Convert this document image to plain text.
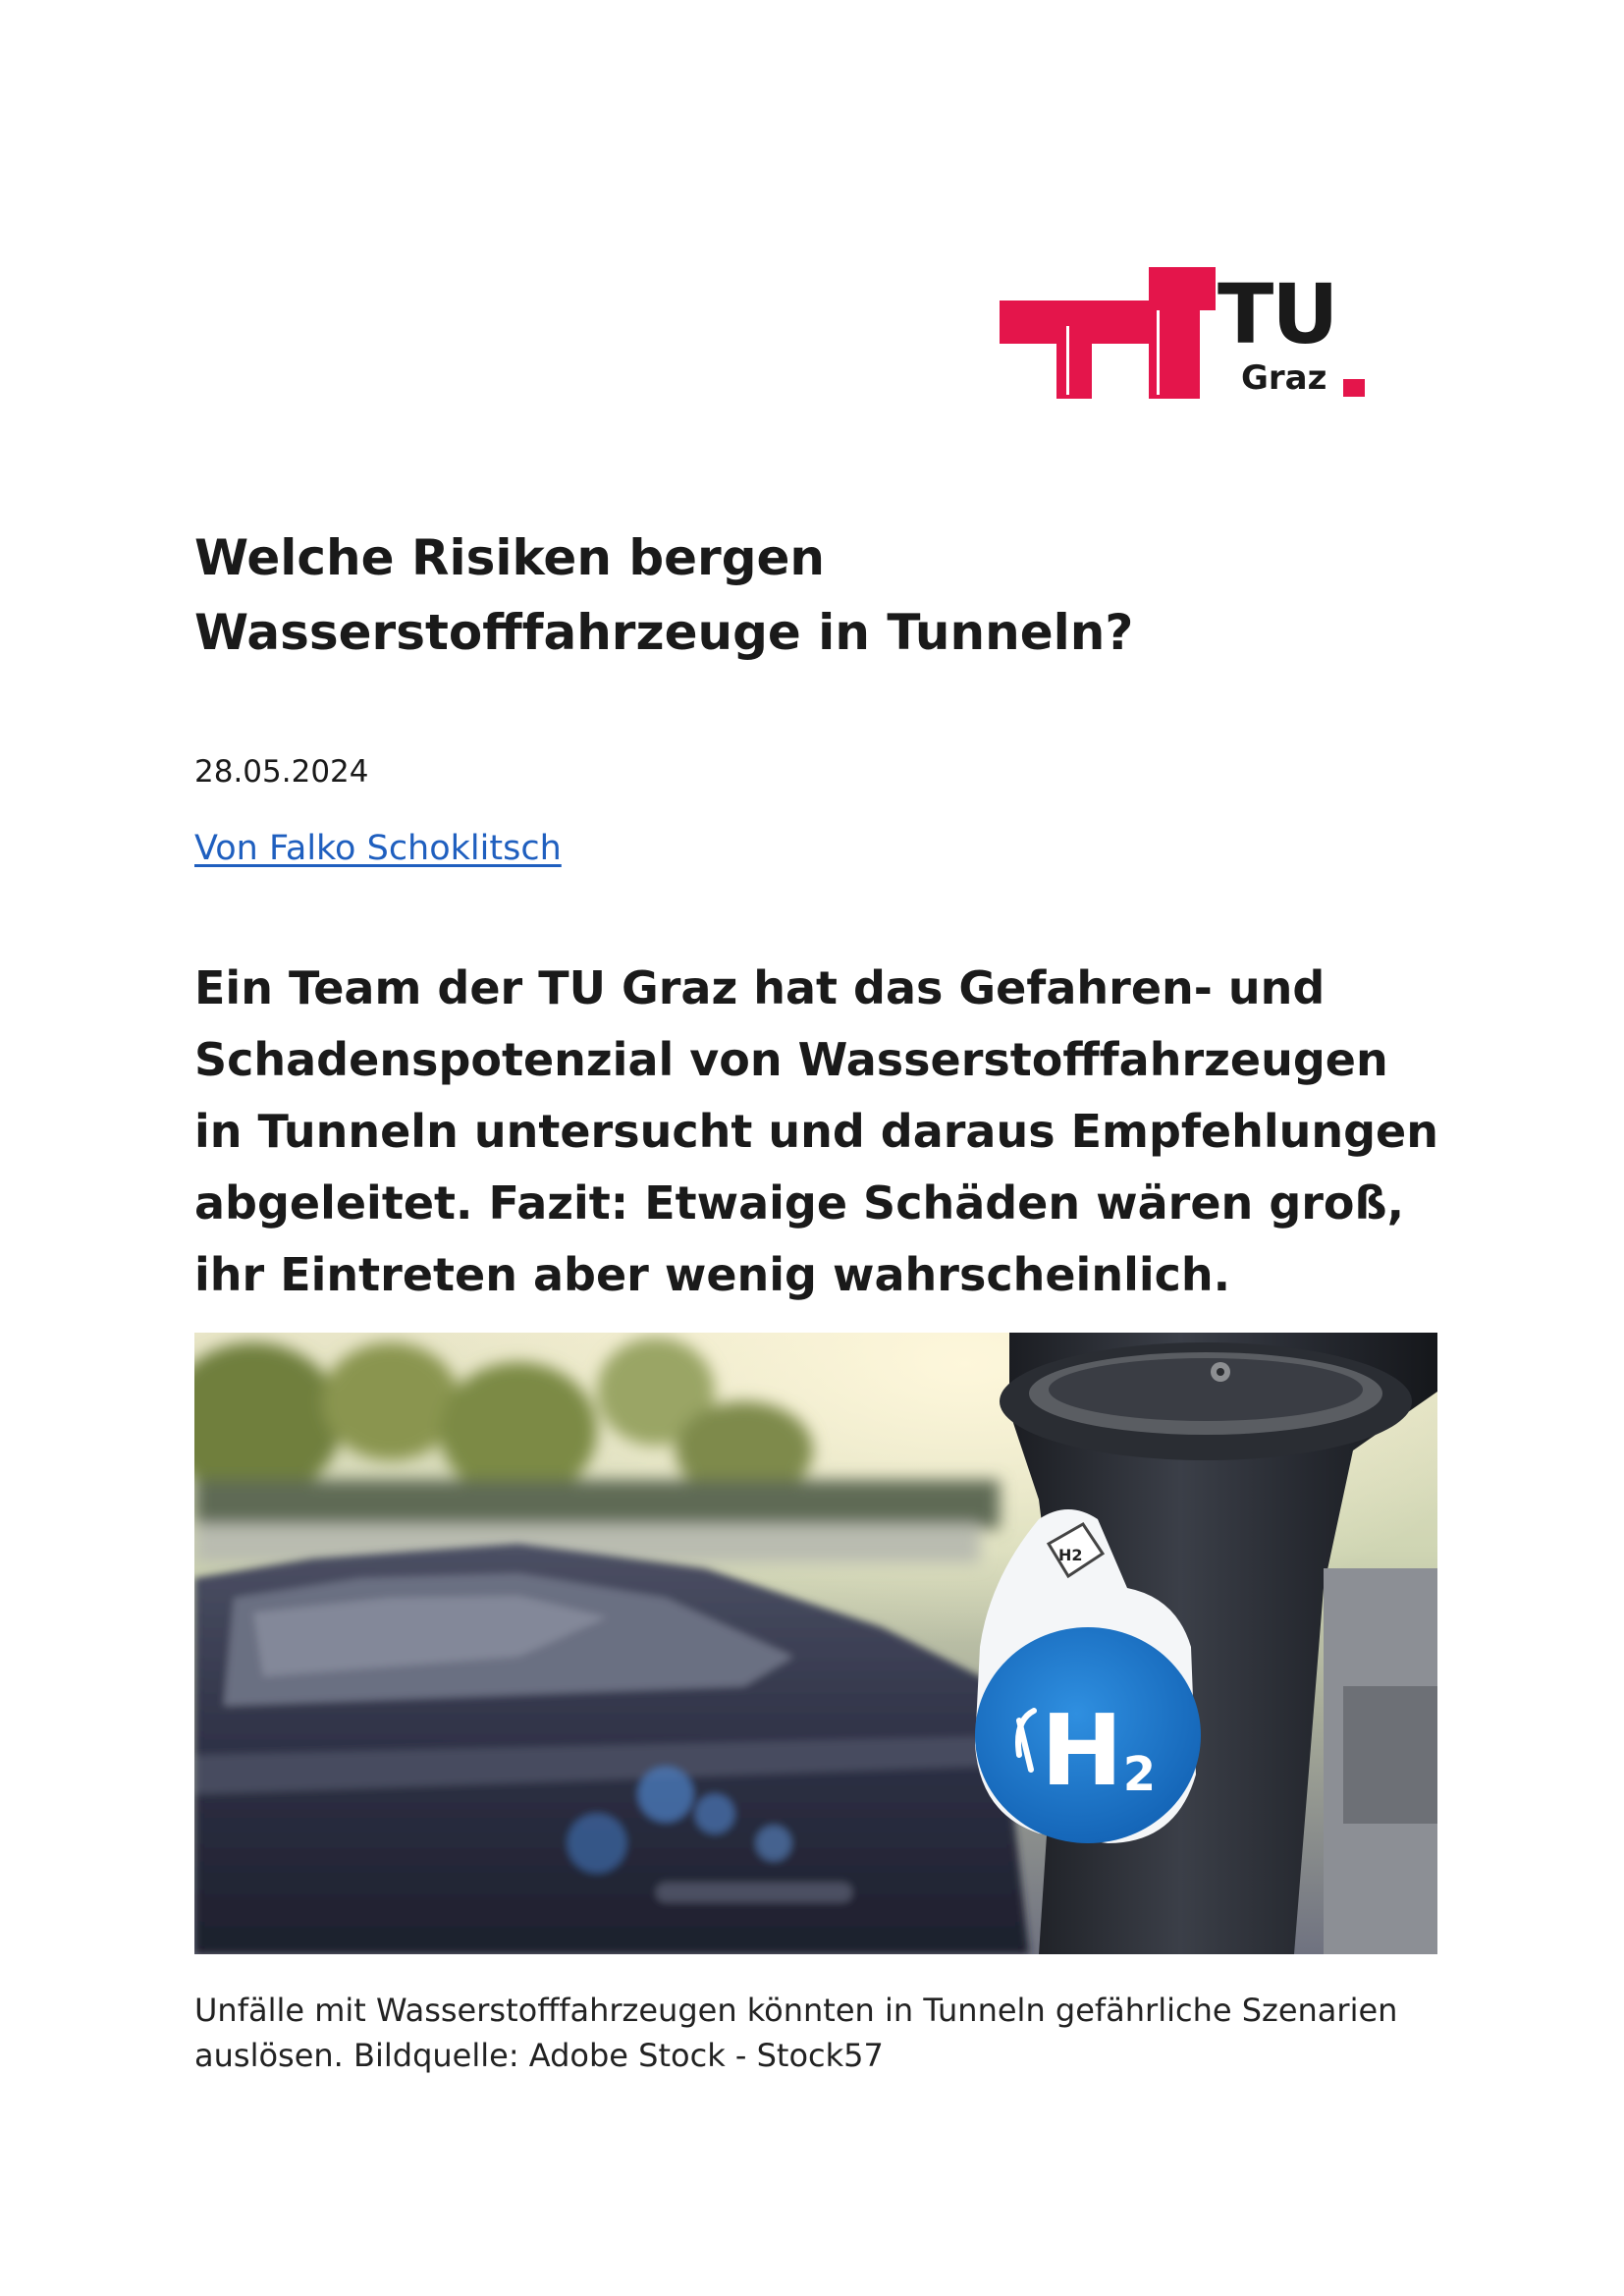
TU
Graz
Welche Risiken bergen Wasserstofffahrzeuge in Tunneln?
28.05.2024
Von Falko Schoklitsch

Ein Team der TU Graz hat das Gefahren- und Schadenspotenzial von Wasserstofffahrzeugen in Tunneln untersucht und daraus Empfehlungen abgeleitet. Fazit: Etwaige Schäden wären groß, ihr Eintreten aber wenig wahrscheinlich.

H2
H2

Unfälle mit Wasserstofffahrzeugen könnten in Tunneln gefährliche Szenarien auslösen. Bildquelle: Adobe Stock - Stock57
